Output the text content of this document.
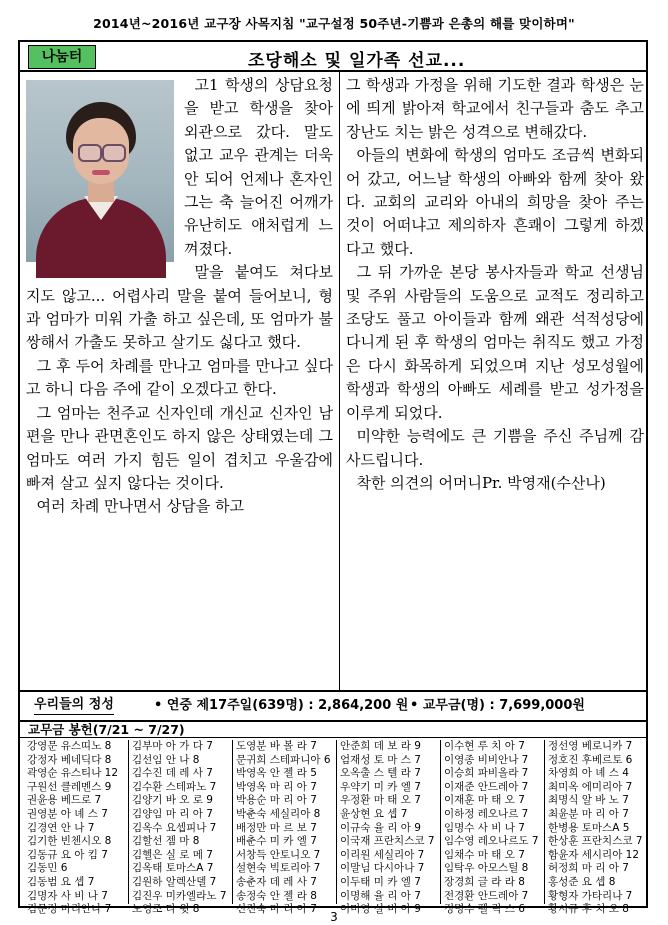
2014년~2016년 교구장 사목지침 "교구설정 50주년-기쁨과 은총의 해를 맞이하며"
나눔터	조당해소 및 일가족 선교...

고1 학생의 상담요청을 받고 학생을 찾아 외관으로 갔다. 말도 없고 교우 관계는 더욱 안 되어 언제나 혼자인 그는 축 늘어진 어깨가 유난히도 애처럽게 느껴졌다.

말을 붙여도 쳐다보지도 않고... 어렵사리 말을 붙여 들어보니, 형과 엄마가 미워 가출 하고 싶은데, 또 엄마가 불쌍해서 가출도 못하고 살기도 싫다고 했다.

그 후 두어 차례를 만나고 엄마를 만나고 싶다고 하니 다음 주에 같이 오겠다고 한다.

그 엄마는 천주교 신자인데 개신교 신자인 남편을 만나 관면혼인도 하지 않은 상태였는데 그 엄마도 여러 가지 힘든 일이 겹치고 우울감에 빠져 살고 싶지 않다는 것이다.

여러 차례 만나면서 상담을 하고

그 학생과 가정을 위해 기도한 결과 학생은 눈에 띄게 밝아져 학교에서 친구들과 춤도 추고 장난도 치는 밝은 성격으로 변해갔다.

아들의 변화에 학생의 엄마도 조금씩 변화되어 갔고, 어느날 학생의 아빠와 함께 찾아 왔다. 교회의 교리와 아내의 희망을 찾아 주는 것이 어떠냐고 제의하자 흔쾌이 그렇게 하겠다고 했다.

그 뒤 가까운 본당 봉사자들과 학교 선생님 및 주위 사람들의 도움으로 교적도 정리하고 조당도 풀고 아이들과 함께 왜관 석적성당에 다니게 된 후 학생의 엄마는 취직도 했고 가정은 다시 화목하게 되었으며 지난 성모성월에 학생과 학생의 아빠도 세례를 받고 성가정을 이루게 되었다.

미약한 능력에도 큰 기쁨을 주신 주님께 감사드립니다.

착한 의견의 어머니Pr. 박영재(수산나)

우리들의 정성	• 연중 제17주일(639명) : 2,864,200 원 • 교무금(명) : 7,699,000원
교무금 봉헌(7/21 ~ 7/27)
강영문 유스띠노 8
강정자 베네딕다 8
곽영순 유스티나 12
구원선 클레멘스 9
권윤용 베드로 7
권영분 아 녜 스 7
김경연 안 나 7
김기한 빈첸시오 8
김동규 요 아 킴 7
김동민 6
김동범 요 셉 7
김명자 사 비 나 7
김문정 마리안나 7
김부마 아 가 다 7
김선임 안 나 8
김수진 데 레 사 7
김수환 스테파노 7
김양기 바 오 로 9
김양임 마 리 아 7
김옥수 요셉피나 7
김할선 젬 마 8
김헬은 실 로 메 7
김옥태 토마스A 7
김원하 알렉산델 7
김진우 미카엘라노 7
노영조 다 윗 8
도영분 바 볼 라 7
문귀희 스테파니아 6
박영옥 안 젤 라 5
박영옥 마 리 아 7
박용순 마 리 아 7
박춘숙 세실리아 8
배정만 마 르 보 7
배춘수 미 카 엘 7
서창득 안토니오 7
설현숙 빅토리아 7
송춘자 데 레 사 7
송정숙 안 젤 라 8
신진숙 마 리 아 7
안준희 데 보 라 9
엄재성 토 마 스 7
오옥출 스 텔 라 7
우약기 미 카 엘 7
우정환 마 태 오 7
윤상현 요 셉 7
이규숙 율 리 아 9
이국재 프란치스코 7
이리원 세실리아 7
이말님 다시아나 7
이두태 미 카 엘 7
이명해 율 리 아 7
이미영 실 비 아 9
이수현 루 치 아 7
이영종 비비안나 7
이승희 파비올라 7
이재준 안드레아 7
이재훈 마 태 오 7
이하정 레오나르 7
임명수 사 비 나 7
임수영 레오나르도 7
임채수 마 태 오 7
임탁우 아모스틸 8
장경희 글 라 라 8
전경환 안드레아 7
정명수 펠 릭 스 6
정선영 베로니카 7
정호진 후베르토 6
차영희 아 녜 스 4
최미옥 에미리아 7
최명식 알 바 노 7
최윤분 마 리 아 7
한병용 토마스A 5
한상훈 프란치스코 7
함윤자 세시리아 12
허정희 마 리 아 7
홍성준 요 셉 8
황형자 가타리나 7
황시규 후 치 오 8
3
